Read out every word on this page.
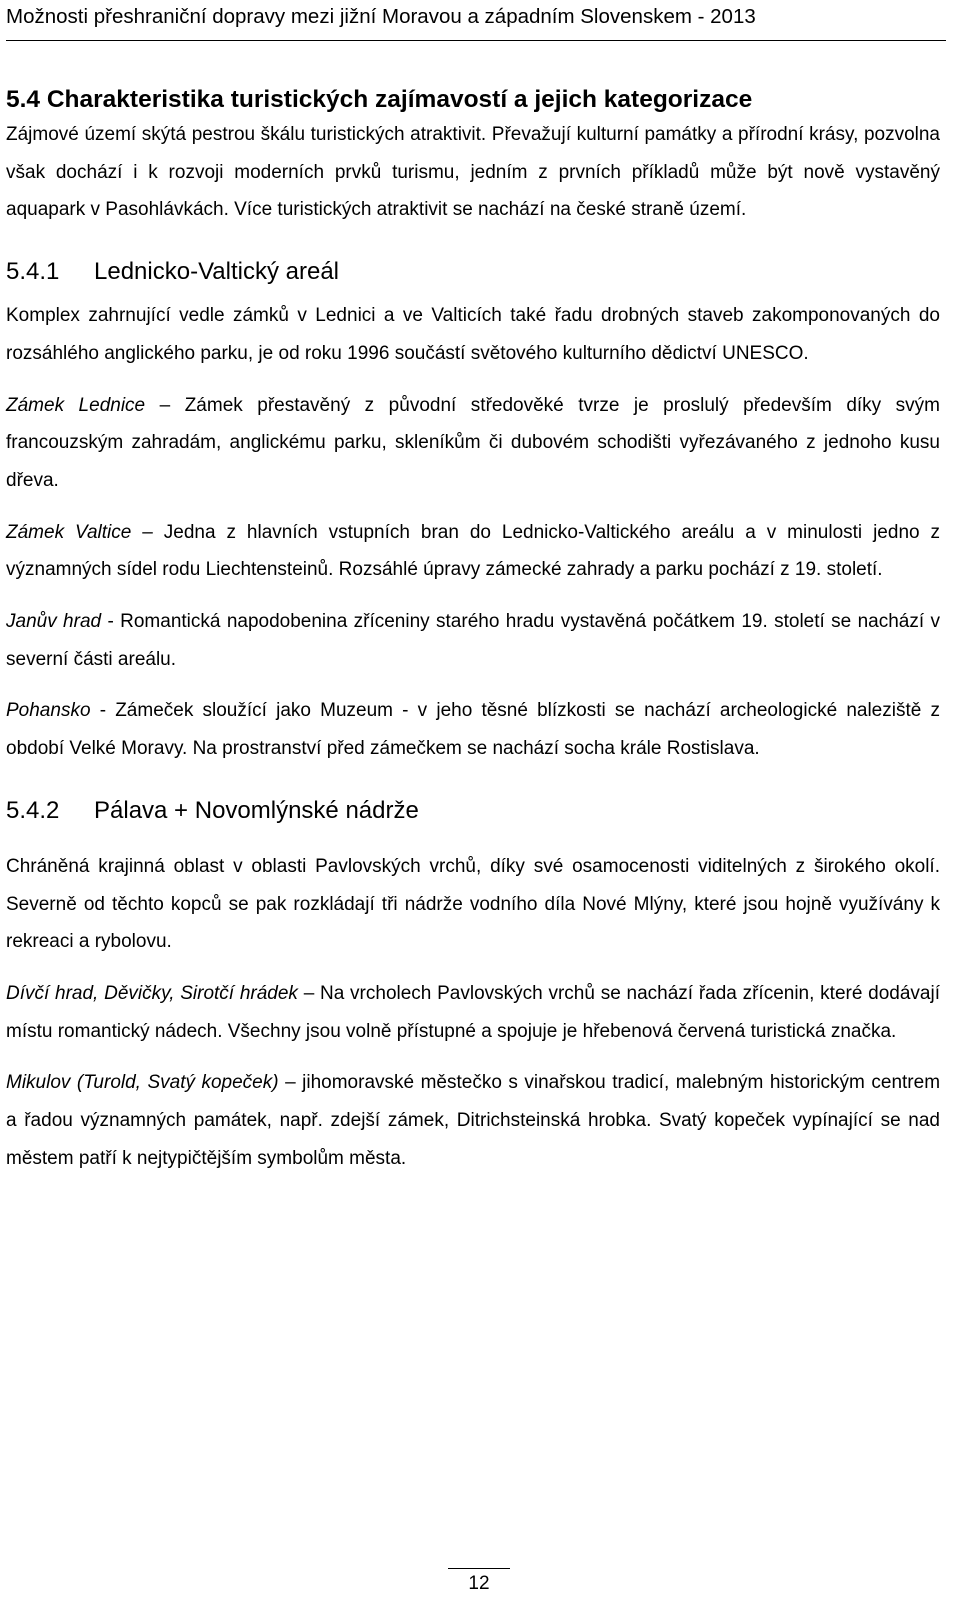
Možnosti přeshraniční dopravy mezi jižní Moravou a západním Slovenskem - 2013
5.4 Charakteristika turistických zajímavostí a jejich kategorizace

Zájmové území skýtá pestrou škálu turistických atraktivit. Převažují kulturní památky a přírodní krásy, pozvolna však dochází i k rozvoji moderních prvků turismu, jedním z prvních příkladů může být nově vystavěný aquapark v Pasohlávkách. Více turistických atraktivit se nachází na české straně území.

5.4.1 Lednicko-Valtický areál

Komplex zahrnující vedle zámků v Lednici a ve Valticích také řadu drobných staveb zakomponovaných do rozsáhlého anglického parku, je od roku 1996 součástí světového kulturního dědictví UNESCO.

Zámek Lednice – Zámek přestavěný z původní středověké tvrze je proslulý především díky svým francouzským zahradám, anglickému parku, skleníkům či dubovém schodišti vyřezávaného z jednoho kusu dřeva.

Zámek Valtice – Jedna z hlavních vstupních bran do Lednicko-Valtického areálu a v minulosti jedno z významných sídel rodu Liechtensteinů. Rozsáhlé úpravy zámecké zahrady a parku pochází z 19. století.

Janův hrad - Romantická napodobenina zříceniny starého hradu vystavěná počátkem 19. století se nachází v severní části areálu.

Pohansko - Zámeček sloužící jako Muzeum - v jeho těsné blízkosti se nachází archeologické naleziště z období Velké Moravy. Na prostranství před zámečkem se nachází socha krále Rostislava.

5.4.2 Pálava + Novomlýnské nádrže

Chráněná krajinná oblast v oblasti Pavlovských vrchů, díky své osamocenosti viditelných z širokého okolí. Severně od těchto kopců se pak rozkládají tři nádrže vodního díla Nové Mlýny, které jsou hojně využívány k rekreaci a rybolovu.

Dívčí hrad, Děvičky, Sirotčí hrádek – Na vrcholech Pavlovských vrchů se nachází řada zřícenin, které dodávají místu romantický nádech. Všechny jsou volně přístupné a spojuje je hřebenová červená turistická značka.

Mikulov (Turold, Svatý kopeček) – jihomoravské městečko s vinařskou tradicí, malebným historickým centrem a řadou významných památek, např. zdejší zámek, Ditrichsteinská hrobka. Svatý kopeček vypínající se nad městem patří k nejtypičtějším symbolům města.

12
